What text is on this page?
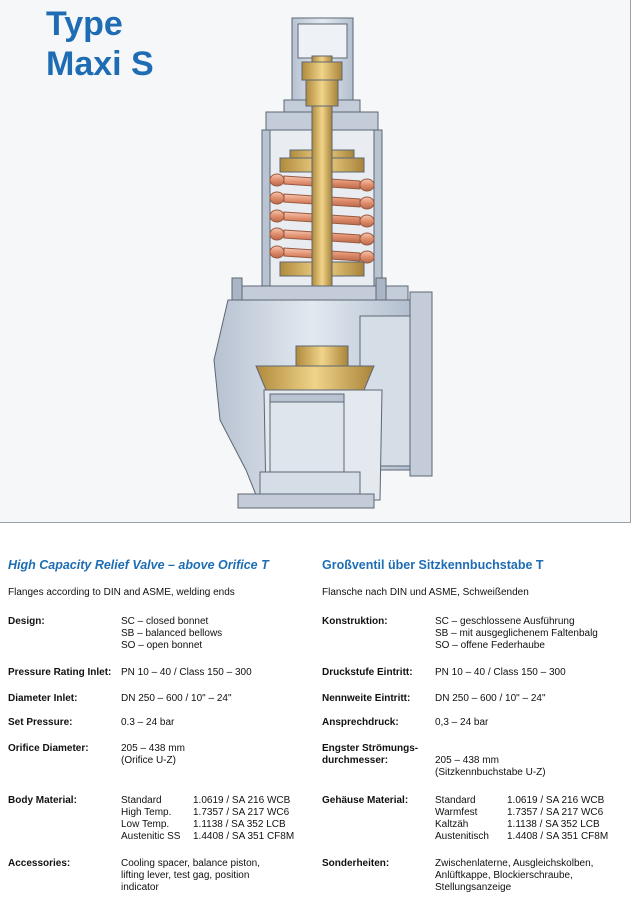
Type
Maxi S
High Capacity Relief Valve – above Orifice T
Flanges according to DIN and ASME, welding ends
Design:	SC – closed bonnet
SB – balanced bellows
SO – open bonnet
Pressure Rating Inlet: PN 10 – 40 / Class 150 – 300
Diameter Inlet:	DN 250 – 600 / 10" – 24"
Set Pressure:	0.3 – 24 bar
Orifice Diameter:	205 – 438 mm
(Orifice U-Z)
Body Material:	Standard	1.0619 / SA 216 WCB
High Temp.	1.7357 / SA 217 WC6
Low Temp.	1.1138 / SA 352 LCB
Austenitic SS	1.4408 / SA 351 CF8M
Accessories:	Cooling spacer, balance piston,
lifting lever, test gag, position
indicator
Großventil über Sitzkennbuchstabe T
Flansche nach DIN und ASME, Schweißenden
Konstruktion:	SC – geschlossene Ausführung
SB – mit ausgeglichenem Faltenbalg
SO – offene Federhaube
Druckstufe Eintritt: PN 10 – 40 / Class 150 – 300
Nennweite Eintritt: DN 250 – 600 / 10" – 24"
Ansprechdruck:	0,3 – 24 bar
Engster Strömungs-
durchmesser:	205 – 438 mm
(Sitzkennbuchstabe U-Z)
Gehäuse Material:	Standard	1.0619 / SA 216 WCB
Warmfest	1.7357 / SA 217 WC6
Kaltzäh	1.1138 / SA 352 LCB
Austenitisch	1.4408 / SA 351 CF8M
Sonderheiten:	Zwischenlaterne, Ausgleichskolben,
Anlüftkappe, Blockierschraube,
Stellungsanzeige
